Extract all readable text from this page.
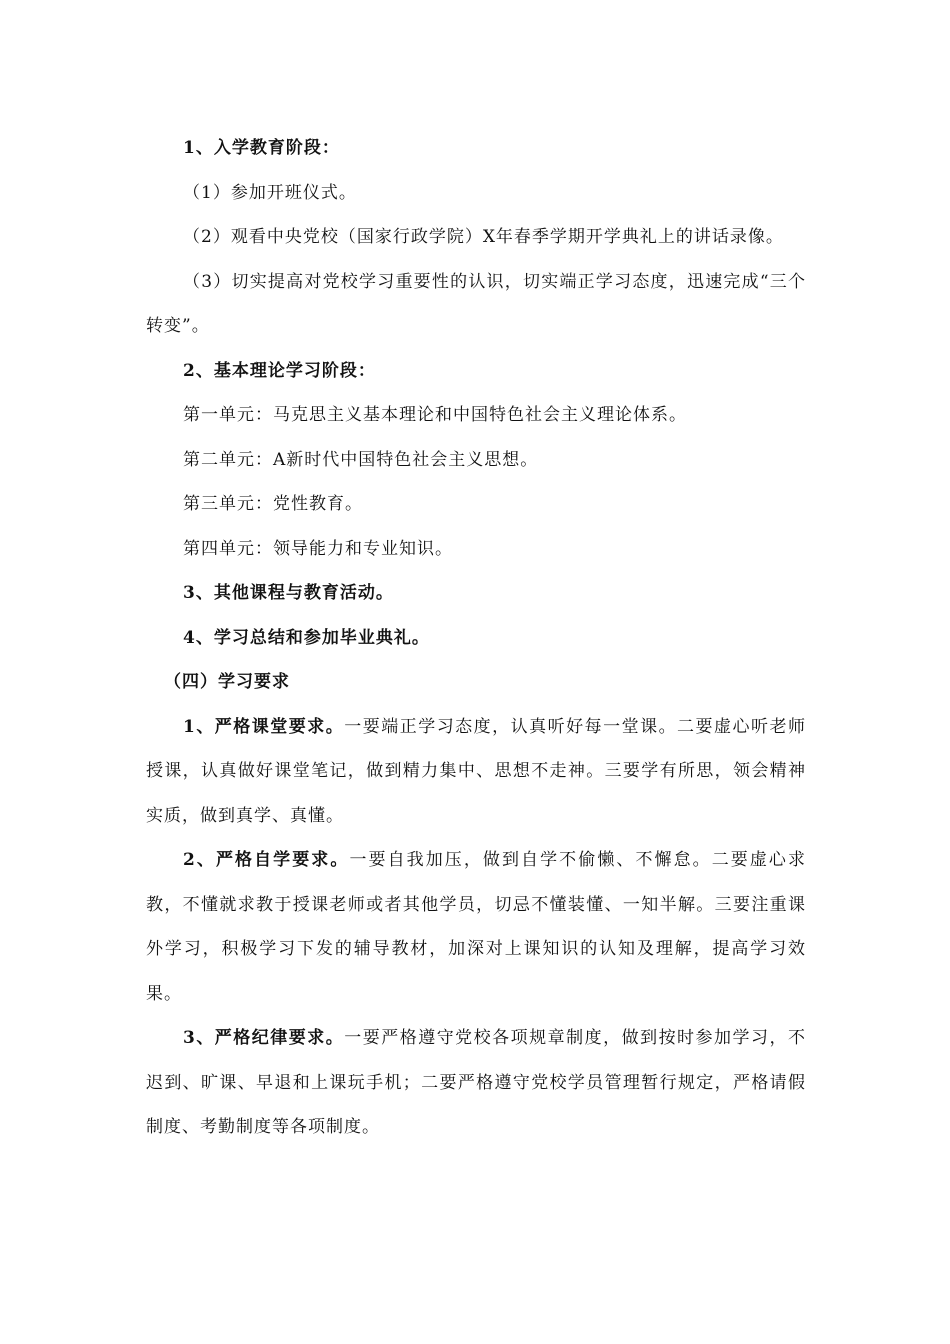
1、入学教育阶段：

（1）参加开班仪式。

（2）观看中央党校（国家行政学院）X年春季学期开学典礼上的讲话录像。

（3）切实提高对党校学习重要性的认识，切实端正学习态度，迅速完成“三个转变”。

2、基本理论学习阶段：

第一单元：马克思主义基本理论和中国特色社会主义理论体系。

第二单元：A新时代中国特色社会主义思想。

第三单元：党性教育。

第四单元：领导能力和专业知识。

3、其他课程与教育活动。

4、学习总结和参加毕业典礼。

（四）学习要求

1、严格课堂要求。一要端正学习态度，认真听好每一堂课。二要虚心听老师授课，认真做好课堂笔记，做到精力集中、思想不走神。三要学有所思，领会精神实质，做到真学、真懂。

2、严格自学要求。一要自我加压，做到自学不偷懒、不懈怠。二要虚心求教，不懂就求教于授课老师或者其他学员，切忌不懂装懂、一知半解。三要注重课外学习，积极学习下发的辅导教材，加深对上课知识的认知及理解，提高学习效果。

3、严格纪律要求。一要严格遵守党校各项规章制度，做到按时参加学习，不迟到、旷课、早退和上课玩手机；二要严格遵守党校学员管理暂行规定，严格请假制度、考勤制度等各项制度。
